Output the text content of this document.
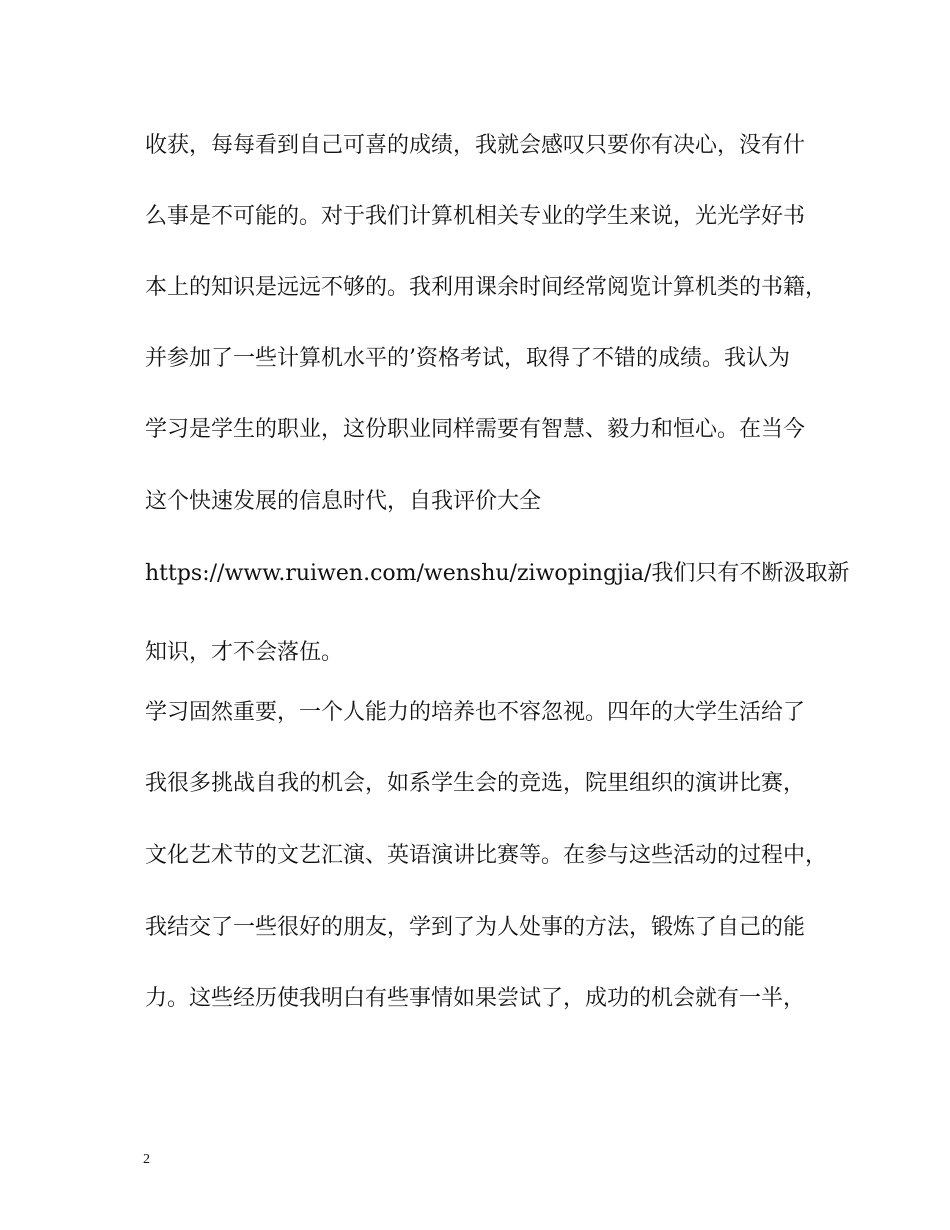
收获，每每看到自己可喜的成绩，我就会感叹只要你有决心，没有什
么事是不可能的。对于我们计算机相关专业的学生来说，光光学好书
本上的知识是远远不够的。我利用课余时间经常阅览计算机类的书籍，
并参加了一些计算机水平的’资格考试，取得了不错的成绩。我认为
学习是学生的职业，这份职业同样需要有智慧、毅力和恒心。在当今
这个快速发展的信息时代，自我评价大全
https://www.ruiwen.com/wenshu/ziwopingjia/我们只有不断汲取新
知识，才不会落伍。
学习固然重要，一个人能力的培养也不容忽视。四年的大学生活给了
我很多挑战自我的机会，如系学生会的竞选，院里组织的演讲比赛，
文化艺术节的文艺汇演、英语演讲比赛等。在参与这些活动的过程中，
我结交了一些很好的朋友，学到了为人处事的方法，锻炼了自己的能
力。这些经历使我明白有些事情如果尝试了，成功的机会就有一半，
2
